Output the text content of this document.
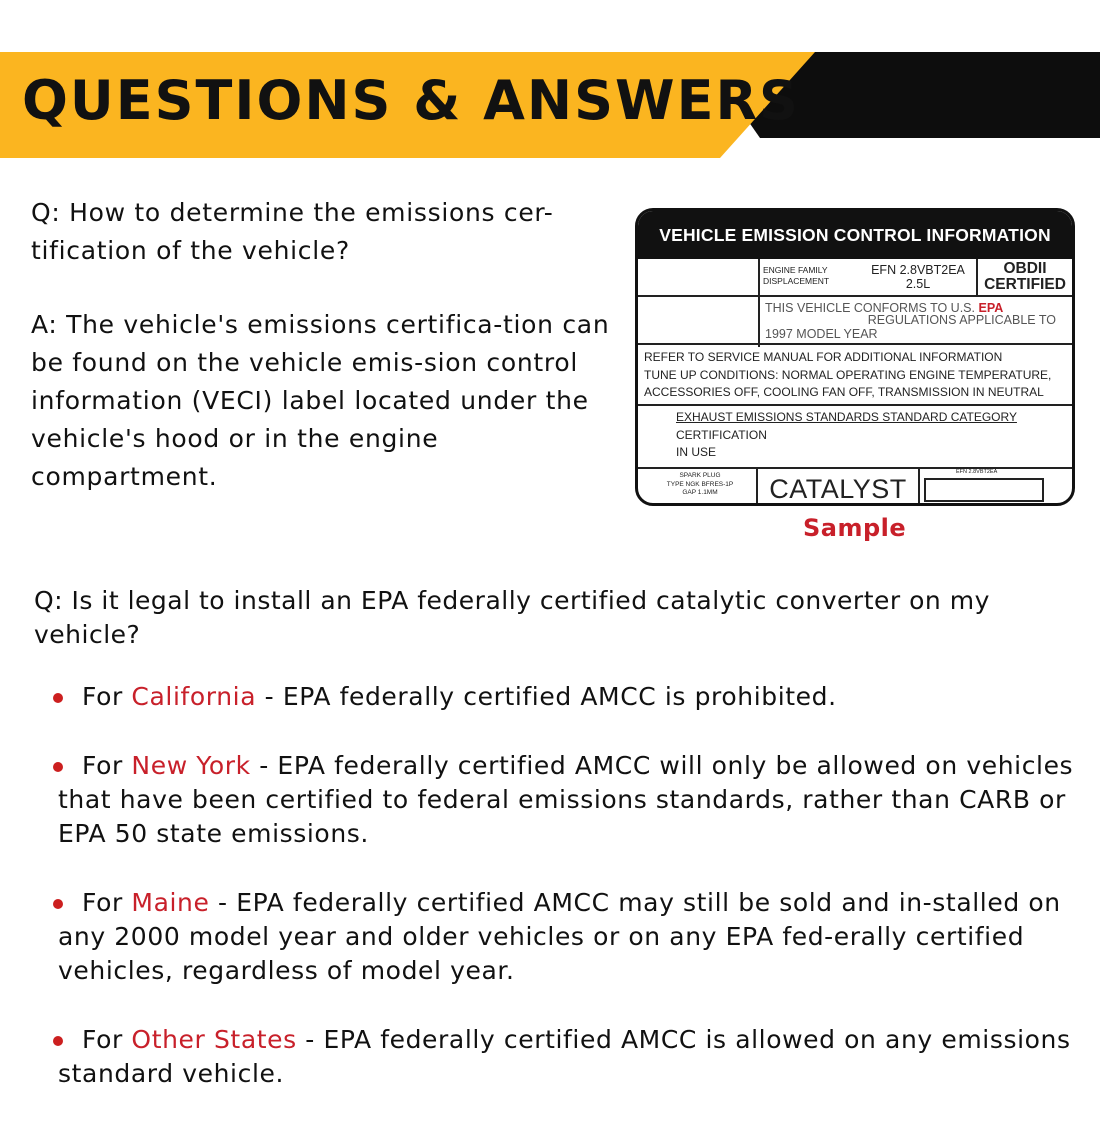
QUESTIONS & ANSWERS

Q: How to determine the emissions cer-tification of the vehicle?

A: The vehicle's emissions certifica-tion can be found on the vehicle emis-sion control information (VECI) label located under the vehicle's hood or in the engine compartment.

VEHICLE EMISSION CONTROL INFORMATION
ENGINE FAMILY
DISPLACEMENT
EFN 2.8VBT2EA
2.5L
OBDII
CERTIFIED
THIS VEHICLE CONFORMS TO U.S. EPA
REGULATIONS APPLICABLE TO
1997 MODEL YEAR
REFER TO SERVICE MANUAL FOR ADDITIONAL INFORMATION
TUNE UP CONDITIONS: NORMAL OPERATING ENGINE TEMPERATURE,
ACCESSORIES OFF, COOLING FAN OFF, TRANSMISSION IN NEUTRAL
EXHAUST EMISSIONS STANDARDS STANDARD CATEGORY
CERTIFICATION
IN USE
SPARK PLUG
TYPE NGK BFRES-1P
GAP 1.1MM	CATALYST
EFN 2.8VBT2EA
Sample

Q: Is it legal to install an EPA federally certified catalytic converter on my vehicle?

For California - EPA federally certified AMCC is prohibited.
For New York - EPA federally certified AMCC will only be allowed on vehicles that have been certified to federal emissions standards, rather than CARB or EPA 50 state emissions.
For Maine - EPA federally certified AMCC may still be sold and in-stalled on any 2000 model year and older vehicles or on any EPA fed-erally certified vehicles, regardless of model year.
For Other States - EPA federally certified AMCC is allowed on any emissions standard vehicle.
